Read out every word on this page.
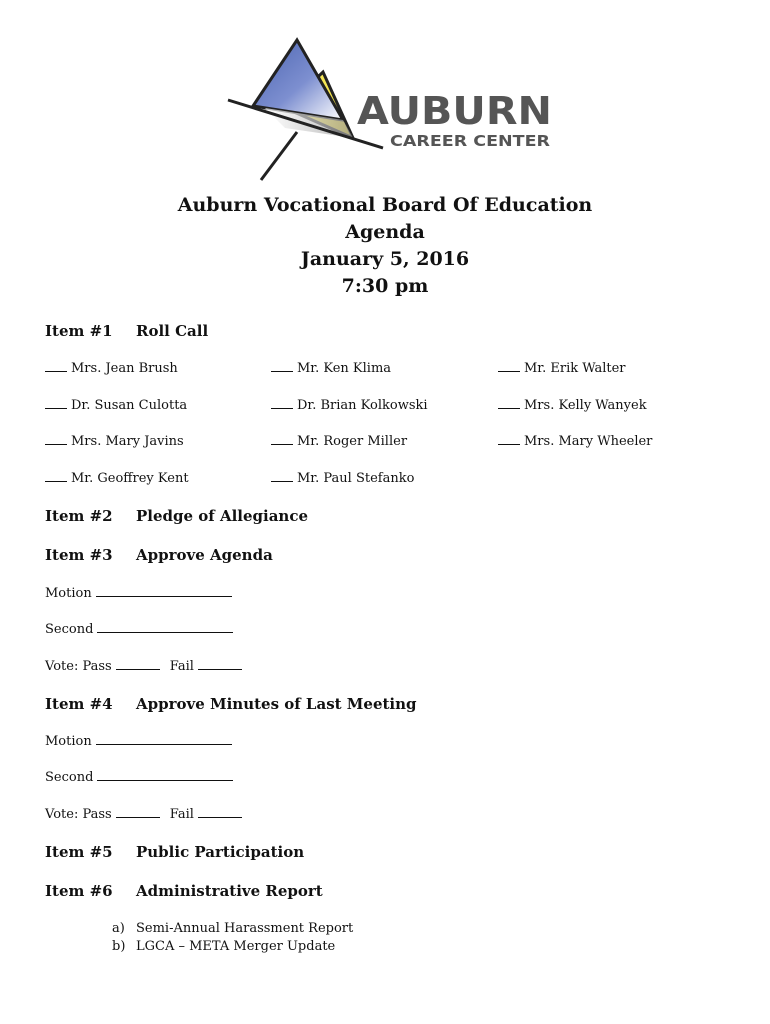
AUBURN
CAREER CENTER

Auburn Vocational Board Of Education

Agenda

January 5, 2016

7:30 pm

Item #1 Roll Call
Mrs. Jean Brush	Mr. Ken Klima	Mr. Erik Walter
Dr. Susan Culotta	Dr. Brian Kolkowski	Mrs. Kelly Wanyek
Mrs. Mary Javins	Mr. Roger Miller	Mrs. Mary Wheeler
Mr. Geoffrey Kent	Mr. Paul Stefanko
Item #2 Pledge of Allegiance
Item #3 Approve Agenda
Motion
Second
Vote: Pass	Fail
Item #4 Approve Minutes of Last Meeting
Motion
Second
Vote: Pass	Fail
Item #5 Public Participation
Item #6 Administrative Report
a) Semi-Annual Harassment Report
b) LGCA – META Merger Update
